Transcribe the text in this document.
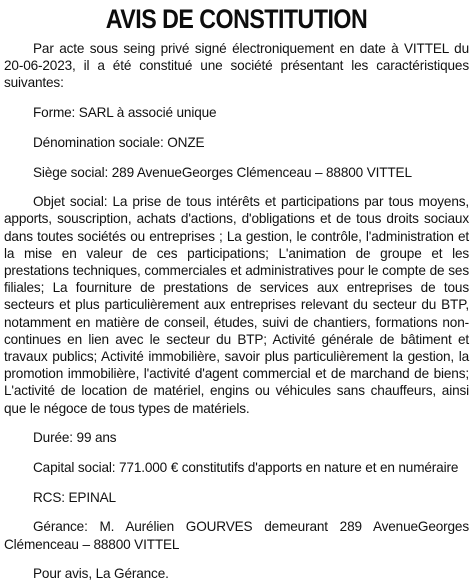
AVIS DE CONSTITUTION

Par acte sous seing privé signé électroniquement en date à VITTEL du 20-06-2023, il a été constitué une société présentant les caractéristiques suivantes:

Forme: SARL à associé unique

Dénomination sociale: ONZE

Siège social: 289 AvenueGeorges Clémenceau – 88800 VITTEL

Objet social: La prise de tous intérêts et participations par tous moyens, apports, souscription, achats d'actions, d'obligations et de tous droits sociaux dans toutes sociétés ou entreprises ; La gestion, le contrôle, l'administration et la mise en valeur de ces participations; L'animation de groupe et les prestations techniques, commerciales et administratives pour le compte de ses filiales; La fourniture de prestations de services aux entreprises de tous secteurs et plus particulièrement aux entreprises relevant du secteur du BTP, notamment en matière de conseil, études, suivi de chantiers, formations non-continues en lien avec le secteur du BTP; Activité générale de bâtiment et travaux publics; Activité immobilière, savoir plus particulièrement la gestion, la promotion immobilière, l'activité d'agent commercial et de marchand de biens; L'activité de location de matériel, engins ou véhicules sans chauffeurs, ainsi que le négoce de tous types de matériels.

Durée: 99 ans

Capital social: 771.000 € constitutifs d'apports en nature et en numéraire

RCS: EPINAL

Gérance: M. Aurélien GOURVES demeurant 289 AvenueGeorges Clémenceau – 88800 VITTEL

Pour avis, La Gérance.
